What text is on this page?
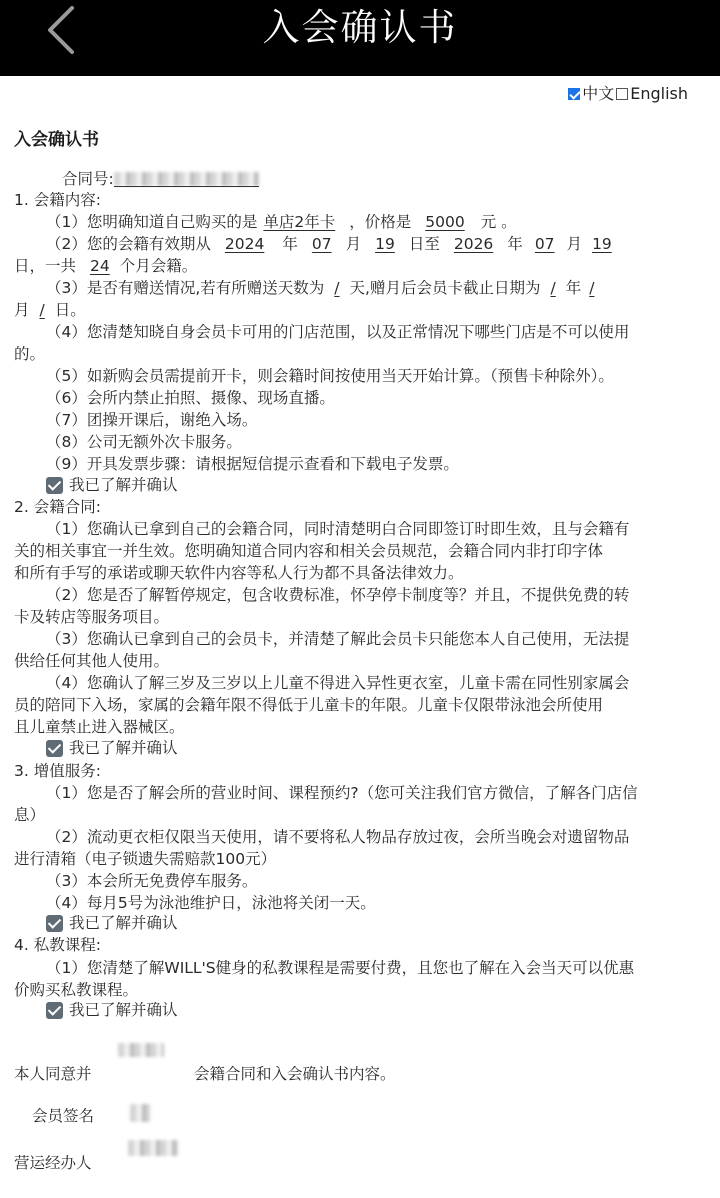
入会确认书
中文 English
入会确认书
合同号:
1. 会籍内容:
（1）您明确知道自己购买的是 单店2年卡 ，价格是 5000 元 。
（2）您的会籍有效期从 2024 年 07 月 19 日至 2026 年 07 月 19
日，一共 24 个月会籍。
（3）是否有赠送情况,若有所赠送天数为 / 天,赠月后会员卡截止日期为 / 年 /
月 / 日。
（4）您清楚知晓自身会员卡可用的门店范围，以及正常情况下哪些门店是不可以使用
的。
（5）如新购会员需提前开卡，则会籍时间按使用当天开始计算。（预售卡种除外）。
（6）会所内禁止拍照、摄像、现场直播。
（7）团操开课后，谢绝入场。
（8）公司无额外次卡服务。
（9）开具发票步骤：请根据短信提示查看和下载电子发票。
我已了解并确认
2. 会籍合同:
（1）您确认已拿到自己的会籍合同，同时清楚明白合同即签订时即生效，且与会籍有
关的相关事宜一并生效。您明确知道合同内容和相关会员规范，会籍合同内非打印字体
和所有手写的承诺或聊天软件内容等私人行为都不具备法律效力。
（2）您是否了解暂停规定，包含收费标准，怀孕停卡制度等？并且，不提供免费的转
卡及转店等服务项目。
（3）您确认已拿到自己的会员卡，并清楚了解此会员卡只能您本人自己使用，无法提
供给任何其他人使用。
（4）您确认了解三岁及三岁以上儿童不得进入异性更衣室，儿童卡需在同性别家属会
员的陪同下入场，家属的会籍年限不得低于儿童卡的年限。儿童卡仅限带泳池会所使用
且儿童禁止进入器械区。
我已了解并确认
3. 增值服务:
（1）您是否了解会所的营业时间、课程预约?（您可关注我们官方微信，了解各门店信
息）
（2）流动更衣柜仅限当天使用，请不要将私人物品存放过夜，会所当晚会对遗留物品
进行清箱（电子锁遗失需赔款100元）
（3）本会所无免费停车服务。
（4）每月5号为泳池维护日，泳池将关闭一天。
我已了解并确认
4. 私教课程:
（1）您清楚了解WILL'S健身的私教课程是需要付费，且您也了解在入会当天可以优惠
价购买私教课程。
我已了解并确认
本人同意并	会籍合同和入会确认书内容。
会员签名
营运经办人
